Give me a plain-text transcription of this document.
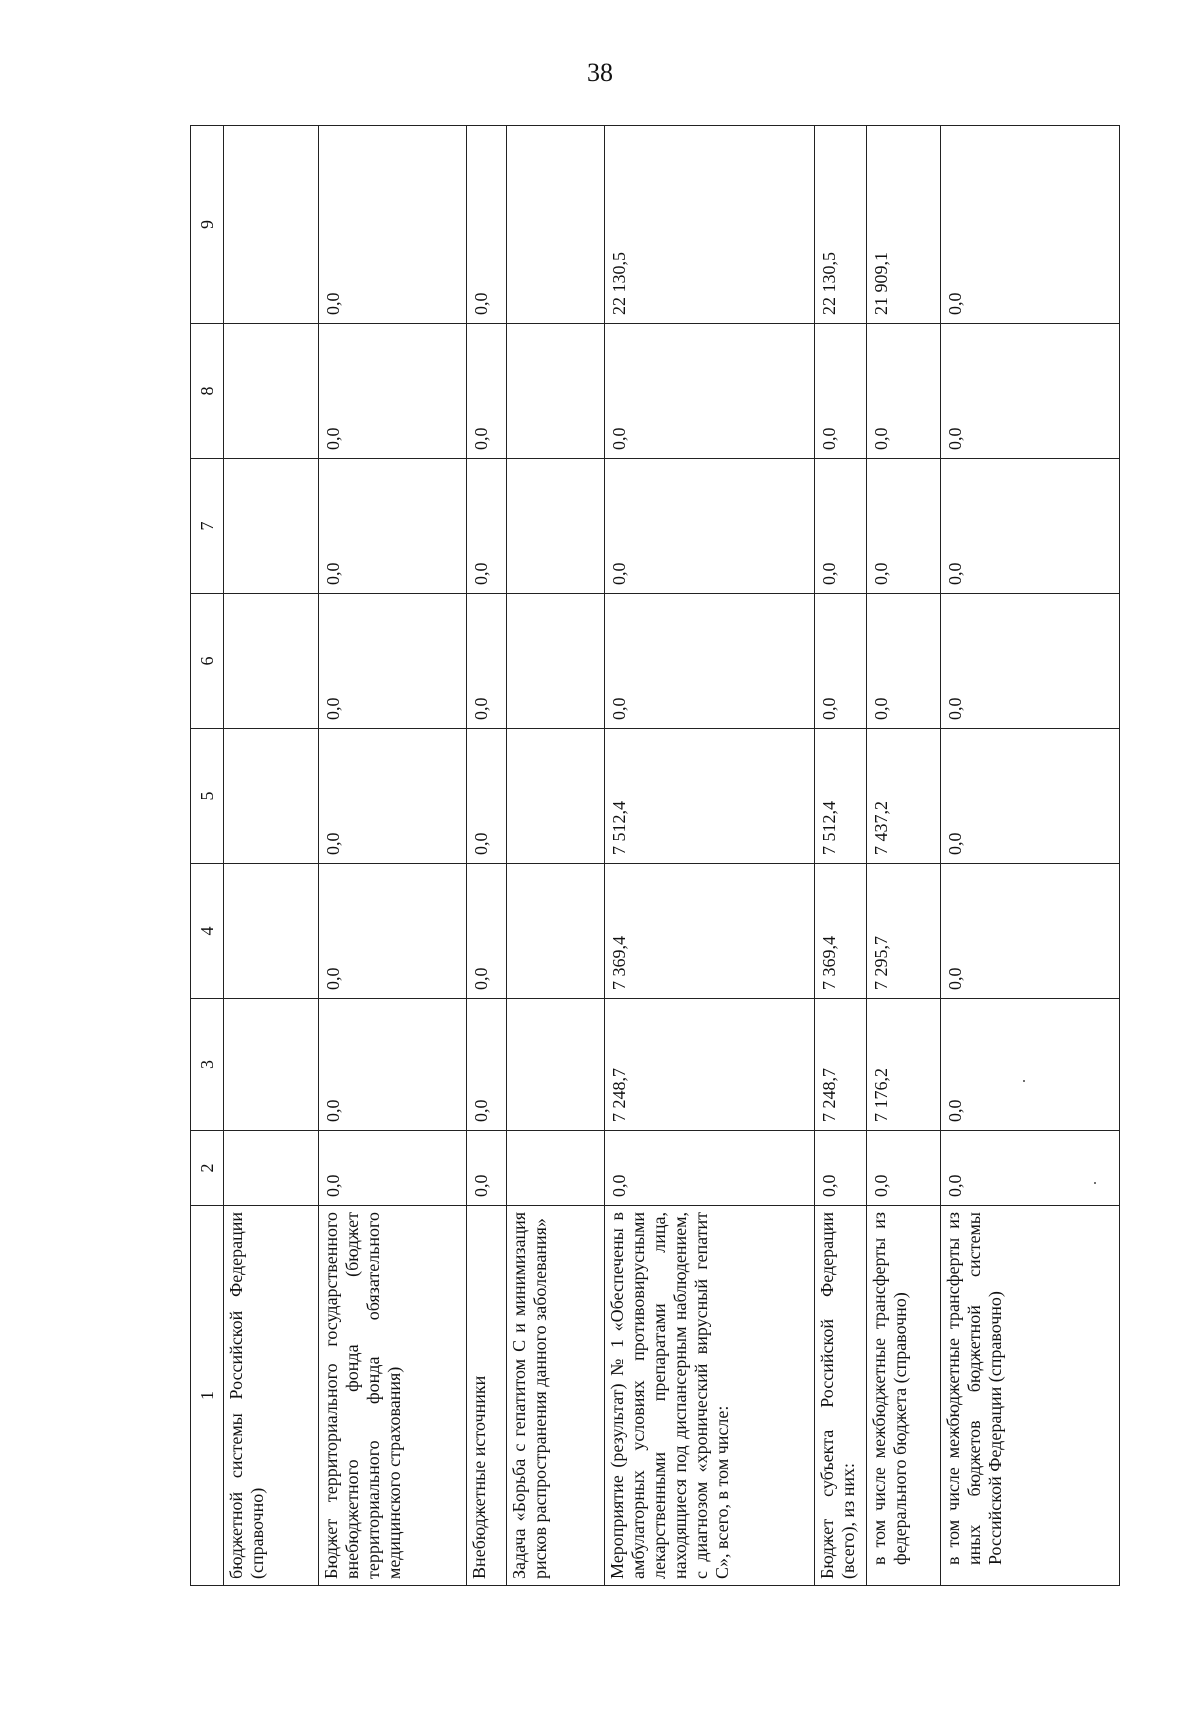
38
1	2	3	4	5	6	7	8	9
бюджетной системы Российской Федерации (справочно)								
Бюджет территориального государственного внебюджетного фонда (бюджет территориального фонда обязательного медицинского страхования)	0,0	0,0	0,0	0,0	0,0	0,0	0,0	0,0
Внебюджетные источники	0,0	0,0	0,0	0,0	0,0	0,0	0,0	0,0
Задача «Борьба с гепатитом С и минимизация рисков распространения данного заболевания»								
Мероприятие (результат) № 1 «Обеспечены в амбулаторных условиях противовирусными лекарственными препаратами лица, находящиеся под диспансерным наблюдением, с диагнозом «хронический вирусный гепатит С», всего, в том числе:	0,0	7 248,7	7 369,4	7 512,4	0,0	0,0	0,0	22 130,5
Бюджет субъекта Российской Федерации (всего), из них:	0,0	7 248,7	7 369,4	7 512,4	0,0	0,0	0,0	22 130,5
в том числе межбюджетные трансферты из федерального бюджета (справочно)	0,0	7 176,2	7 295,7	7 437,2	0,0	0,0	0,0	21 909,1
в том числе межбюджетные трансферты из иных бюджетов бюджетной системы Российской Федерации (справочно)	0,0	0,0	0,0	0,0	0,0	0,0	0,0	0,0
